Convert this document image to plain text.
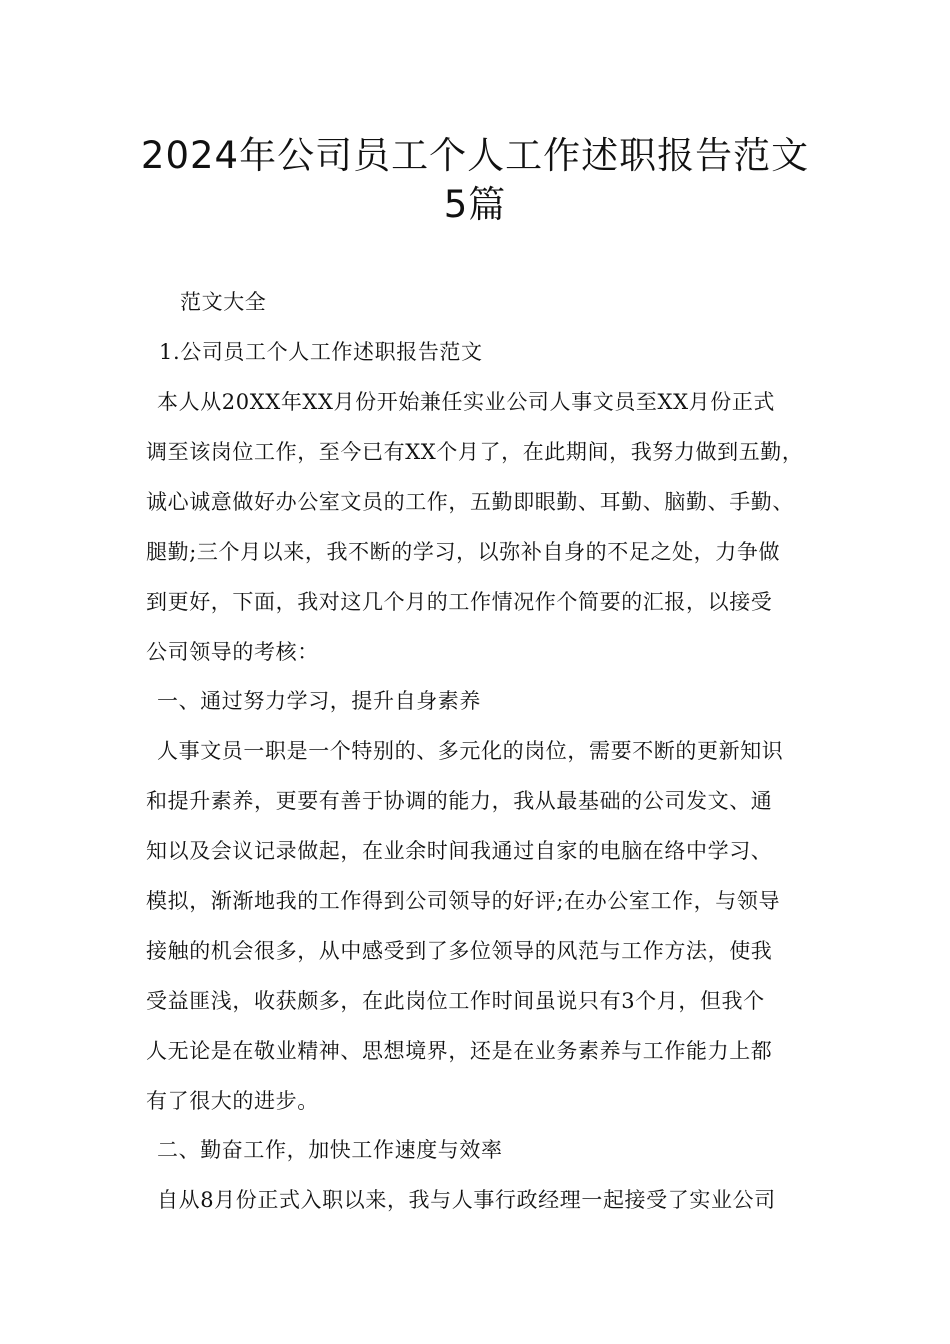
2024年公司员工个人工作述职报告范文
5篇
范文大全
1.公司员工个人工作述职报告范文
本人从20XX年XX月份开始兼任实业公司人事文员至XX月份正式
调至该岗位工作，至今已有XX个月了，在此期间，我努力做到五勤，
诚心诚意做好办公室文员的工作，五勤即眼勤、耳勤、脑勤、手勤、
腿勤;三个月以来，我不断的学习，以弥补自身的不足之处，力争做
到更好，下面，我对这几个月的工作情况作个简要的汇报，以接受
公司领导的考核：
一、通过努力学习，提升自身素养
人事文员一职是一个特别的、多元化的岗位，需要不断的更新知识
和提升素养，更要有善于协调的能力，我从最基础的公司发文、通
知以及会议记录做起，在业余时间我通过自家的电脑在络中学习、
模拟，渐渐地我的工作得到公司领导的好评;在办公室工作，与领导
接触的机会很多，从中感受到了多位领导的风范与工作方法，使我
受益匪浅，收获颇多，在此岗位工作时间虽说只有3个月，但我个
人无论是在敬业精神、思想境界，还是在业务素养与工作能力上都
有了很大的进步。
二、勤奋工作，加快工作速度与效率
自从8月份正式入职以来，我与人事行政经理一起接受了实业公司
